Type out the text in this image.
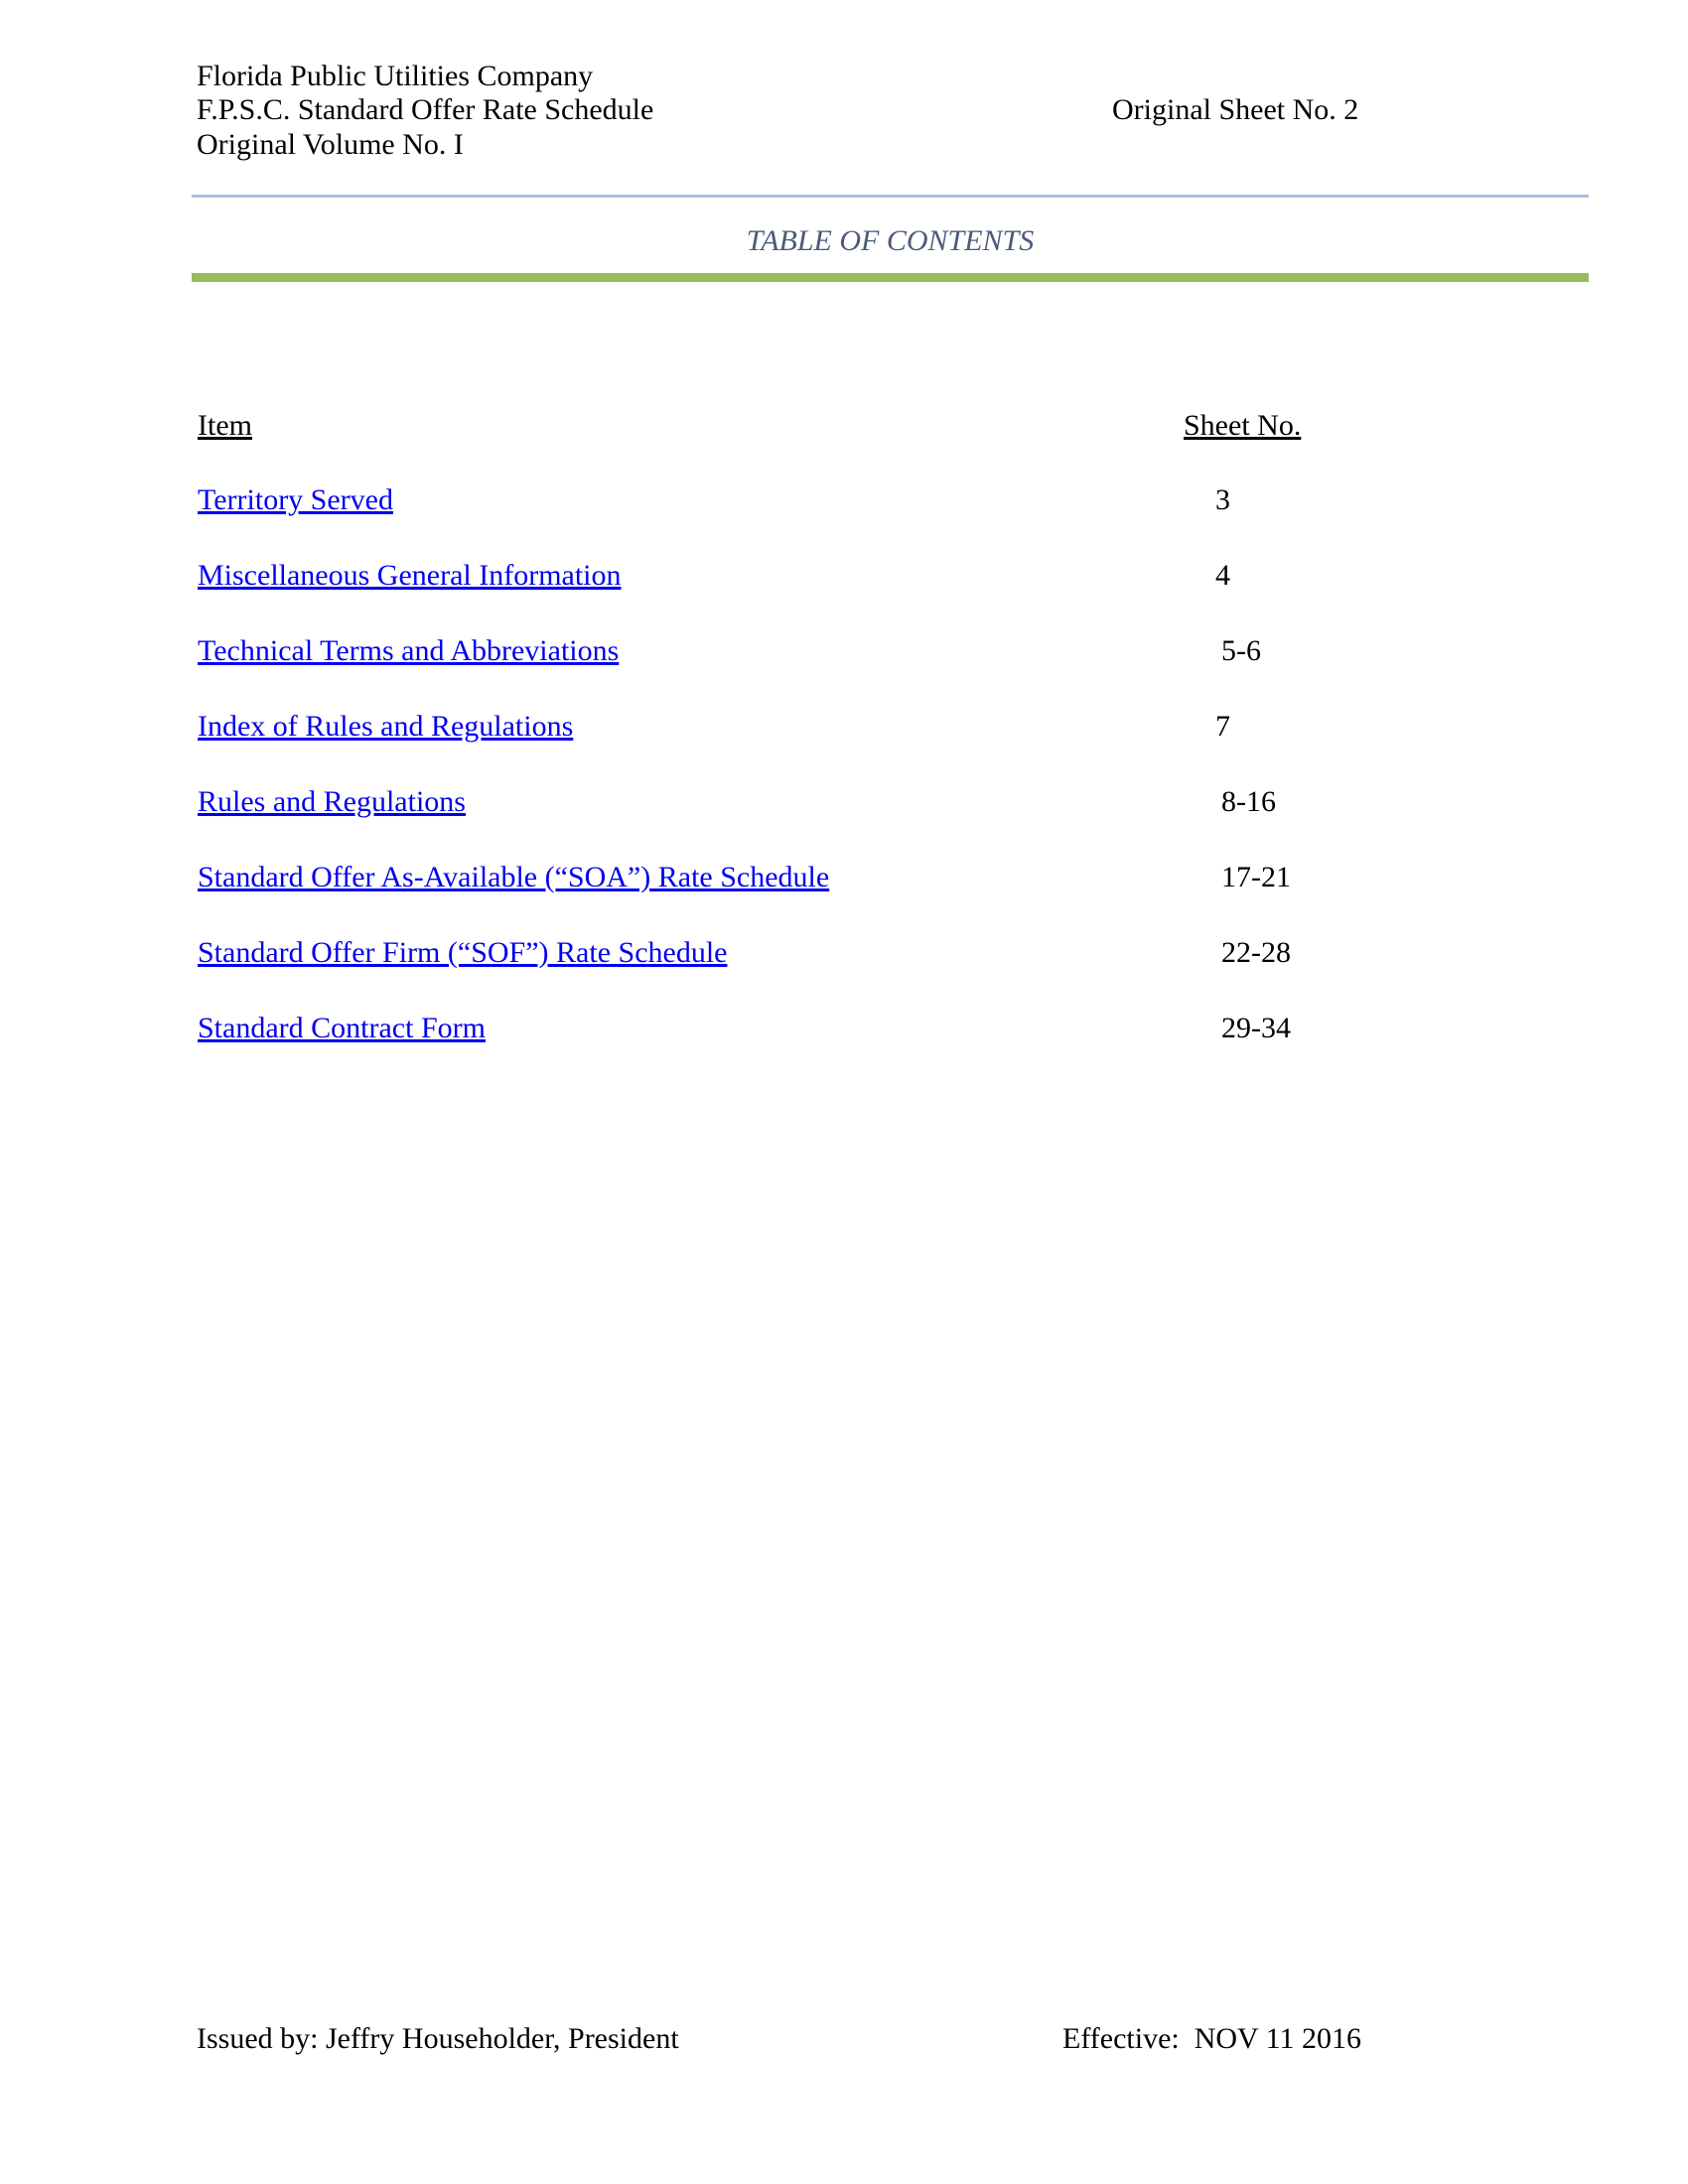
Florida Public Utilities Company
F.P.S.C. Standard Offer Rate Schedule
Original Volume No. I
Original Sheet No. 2
TABLE OF CONTENTS
Item	Sheet No.
Territory Served	3
Miscellaneous General Information	4
Technical Terms and Abbreviations	5-6
Index of Rules and Regulations	7
Rules and Regulations	8-16
Standard Offer As-Available (“SOA”) Rate Schedule	17-21
Standard Offer Firm (“SOF”) Rate Schedule	22-28
Standard Contract Form	29-34
Issued by: Jeffry Householder, President	Effective:  NOV 11 2016
